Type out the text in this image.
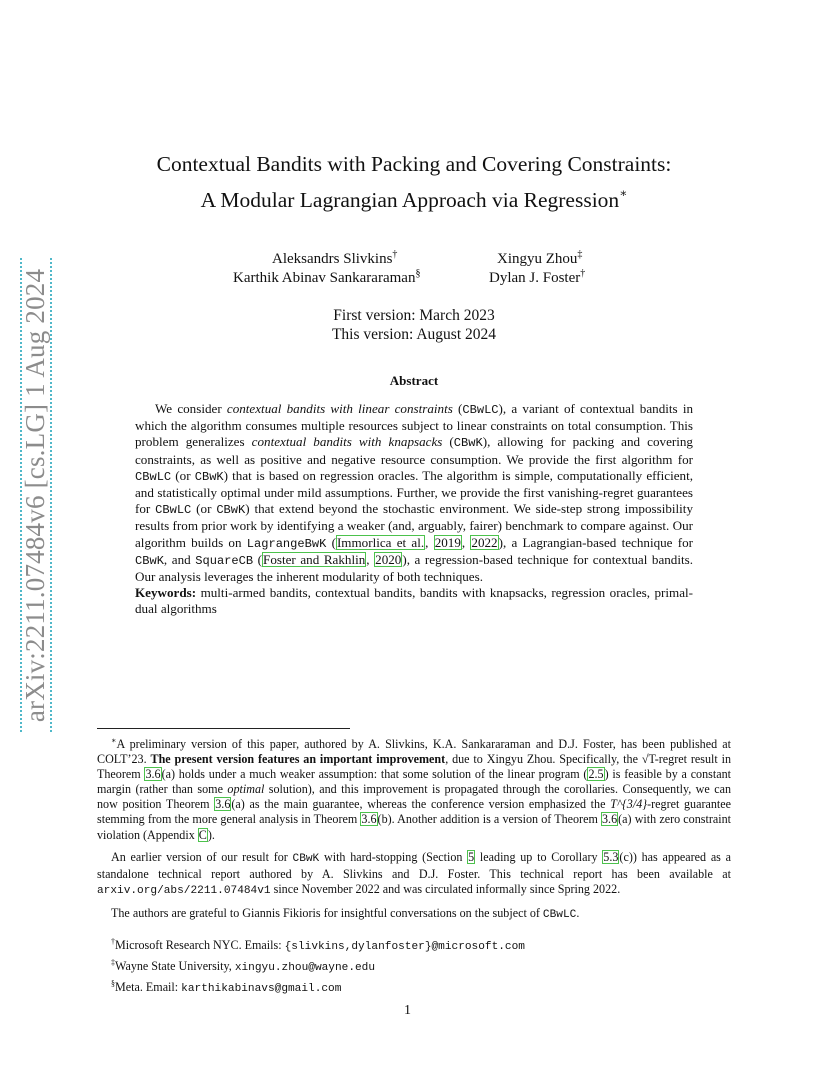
arXiv:2211.07484v6 [cs.LG] 1 Aug 2024
Contextual Bandits with Packing and Covering Constraints:
A Modular Lagrangian Approach via Regression∗
Aleksandrs Slivkins†	Xingyu Zhou‡
Karthik Abinav Sankararaman§	Dylan J. Foster†
First version: March 2023
This version: August 2024
Abstract

We consider contextual bandits with linear constraints (CBwLC), a variant of contextual bandits in which the algorithm consumes multiple resources subject to linear constraints on total consumption. This problem generalizes contextual bandits with knapsacks (CBwK), allowing for packing and covering constraints, as well as positive and negative resource consumption. We provide the first algorithm for CBwLC (or CBwK) that is based on regression oracles. The algorithm is simple, computationally efficient, and statistically optimal under mild assumptions. Further, we provide the first vanishing-regret guarantees for CBwLC (or CBwK) that extend beyond the stochastic environment. We side-step strong impossibility results from prior work by identifying a weaker (and, arguably, fairer) benchmark to compare against. Our algorithm builds on LagrangeBwK (Immorlica et al., 2019, 2022), a Lagrangian-based technique for CBwK, and SquareCB (Foster and Rakhlin, 2020), a regression-based technique for contextual bandits. Our analysis leverages the inherent modularity of both techniques.

Keywords: multi-armed bandits, contextual bandits, bandits with knapsacks, regression oracles, primal-dual algorithms

∗A preliminary version of this paper, authored by A. Slivkins, K.A. Sankararaman and D.J. Foster, has been published at COLT’23. The present version features an important improvement, due to Xingyu Zhou. Specifically, the √T-regret result in Theorem 3.6(a) holds under a much weaker assumption: that some solution of the linear program (2.5) is feasible by a constant margin (rather than some optimal solution), and this improvement is propagated through the corollaries. Consequently, we can now position Theorem 3.6(a) as the main guarantee, whereas the conference version emphasized the T^{3/4}-regret guarantee stemming from the more general analysis in Theorem 3.6(b). Another addition is a version of Theorem 3.6(a) with zero constraint violation (Appendix C).

An earlier version of our result for CBwK with hard-stopping (Section 5 leading up to Corollary 5.3(c)) has appeared as a standalone technical report authored by A. Slivkins and D.J. Foster. This technical report has been available at arxiv.org/abs/2211.07484v1 since November 2022 and was circulated informally since Spring 2022.

The authors are grateful to Giannis Fikioris for insightful conversations on the subject of CBwLC.

†Microsoft Research NYC. Emails: {slivkins,dylanfoster}@microsoft.com
‡Wayne State University, xingyu.zhou@wayne.edu
§Meta. Email: karthikabinavs@gmail.com
1
